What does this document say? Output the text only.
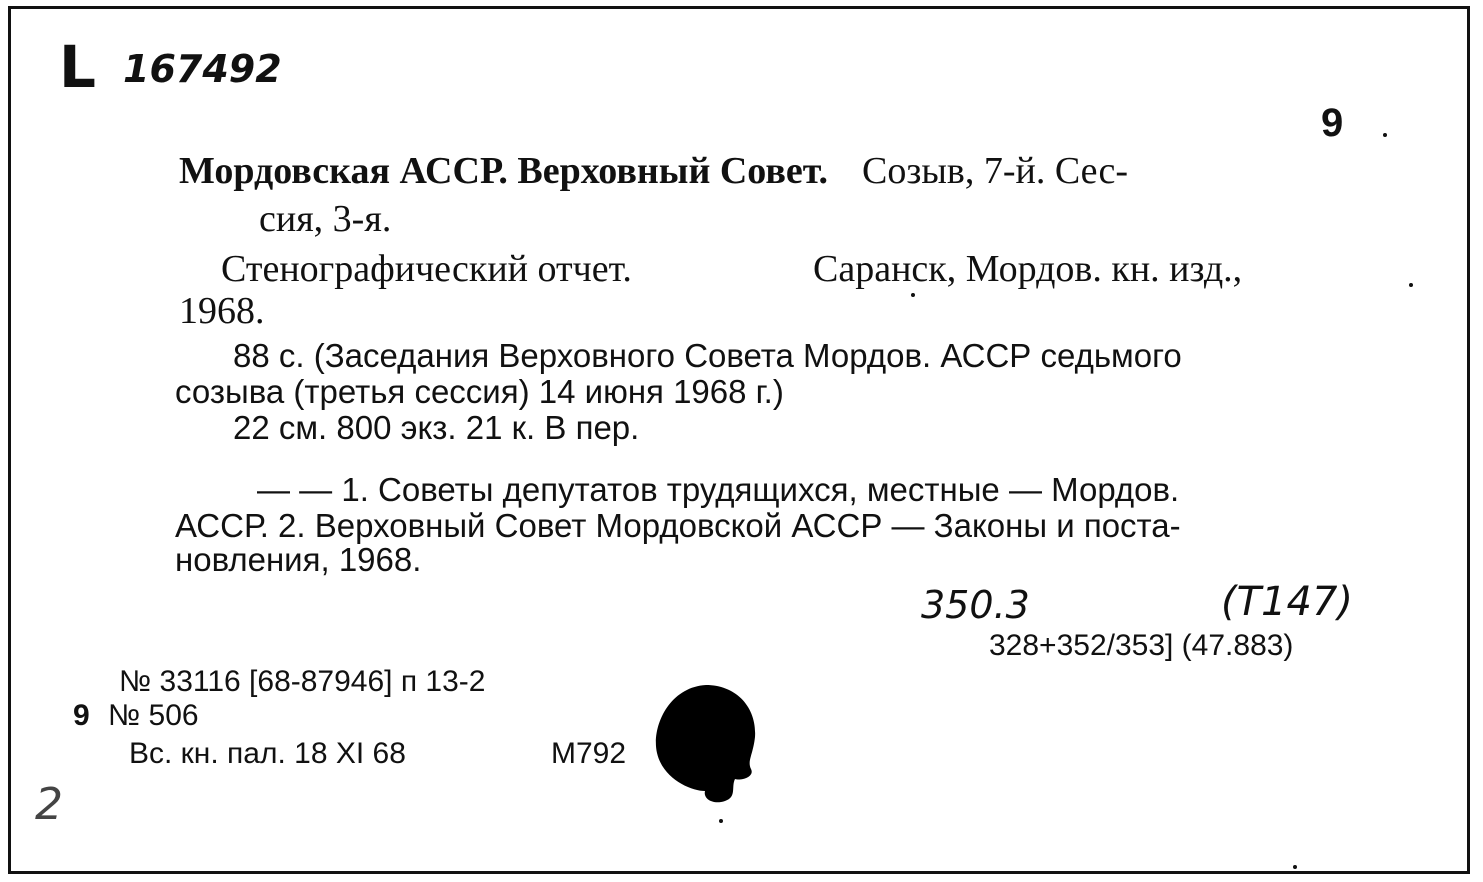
L 167492
9
Мордовская АССР. Верховный Совет. Созыв, 7-й. Сес-
сия, 3-я.
Стенографический отчет.	Саранск, Мордов. кн. изд.,
1968.
88 с. (Заседания Верховного Совета Мордов. АССР седьмого
созыва (третья сессия) 14 июня 1968 г.)
22 см. 800 экз. 21 к. В пер.
— — 1. Советы депутатов трудящихся, местные — Мордов.
АССР. 2. Верховный Совет Мордовской АССР — Законы и поста-
новления, 1968.
350.3	(T147)
328+352/353] (47.883)
№ 33116 [68-87946] п 13-2
9 № 506
Вс. кн. пал. 18 XI 68	М792
2
